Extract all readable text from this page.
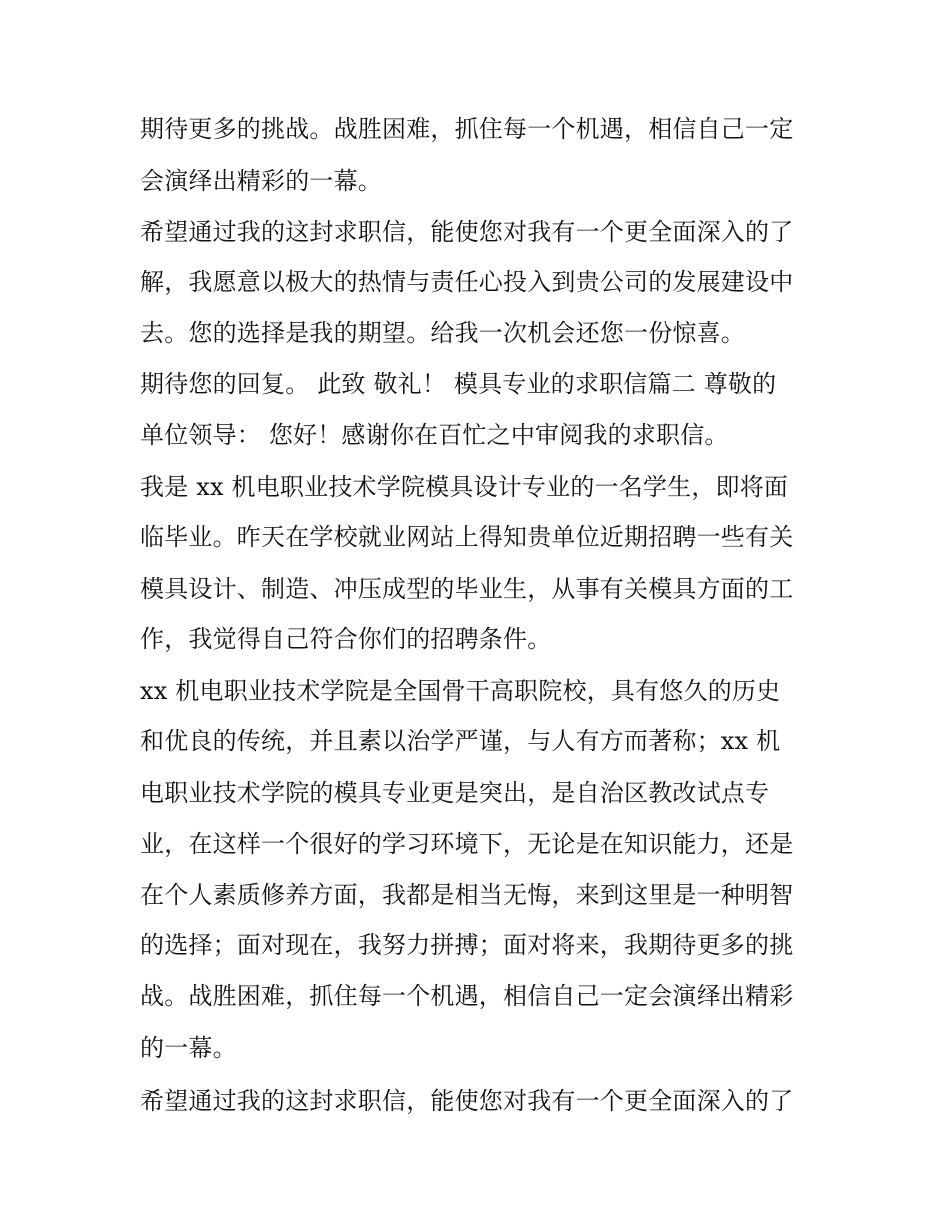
期待更多的挑战。战胜困难，抓住每一个机遇，相信自己一定

会演绎出精彩的一幕。

希望通过我的这封求职信，能使您对我有一个更全面深入的了

解，我愿意以极大的热情与责任心投入到贵公司的发展建设中

去。您的选择是我的期望。给我一次机会还您一份惊喜。

期待您的回复。 此致 敬礼！ 模具专业的求职信篇二 尊敬的

单位领导： 您好！感谢你在百忙之中审阅我的求职信。

我是 xx 机电职业技术学院模具设计专业的一名学生，即将面

临毕业。昨天在学校就业网站上得知贵单位近期招聘一些有关

模具设计、制造、冲压成型的毕业生，从事有关模具方面的工

作，我觉得自己符合你们的招聘条件。

xx 机电职业技术学院是全国骨干高职院校，具有悠久的历史

和优良的传统，并且素以治学严谨，与人有方而著称；xx 机

电职业技术学院的模具专业更是突出，是自治区教改试点专

业，在这样一个很好的学习环境下，无论是在知识能力，还是

在个人素质修养方面，我都是相当无悔，来到这里是一种明智

的选择；面对现在，我努力拼搏；面对将来，我期待更多的挑

战。战胜困难，抓住每一个机遇，相信自己一定会演绎出精彩

的一幕。

希望通过我的这封求职信，能使您对我有一个更全面深入的了
